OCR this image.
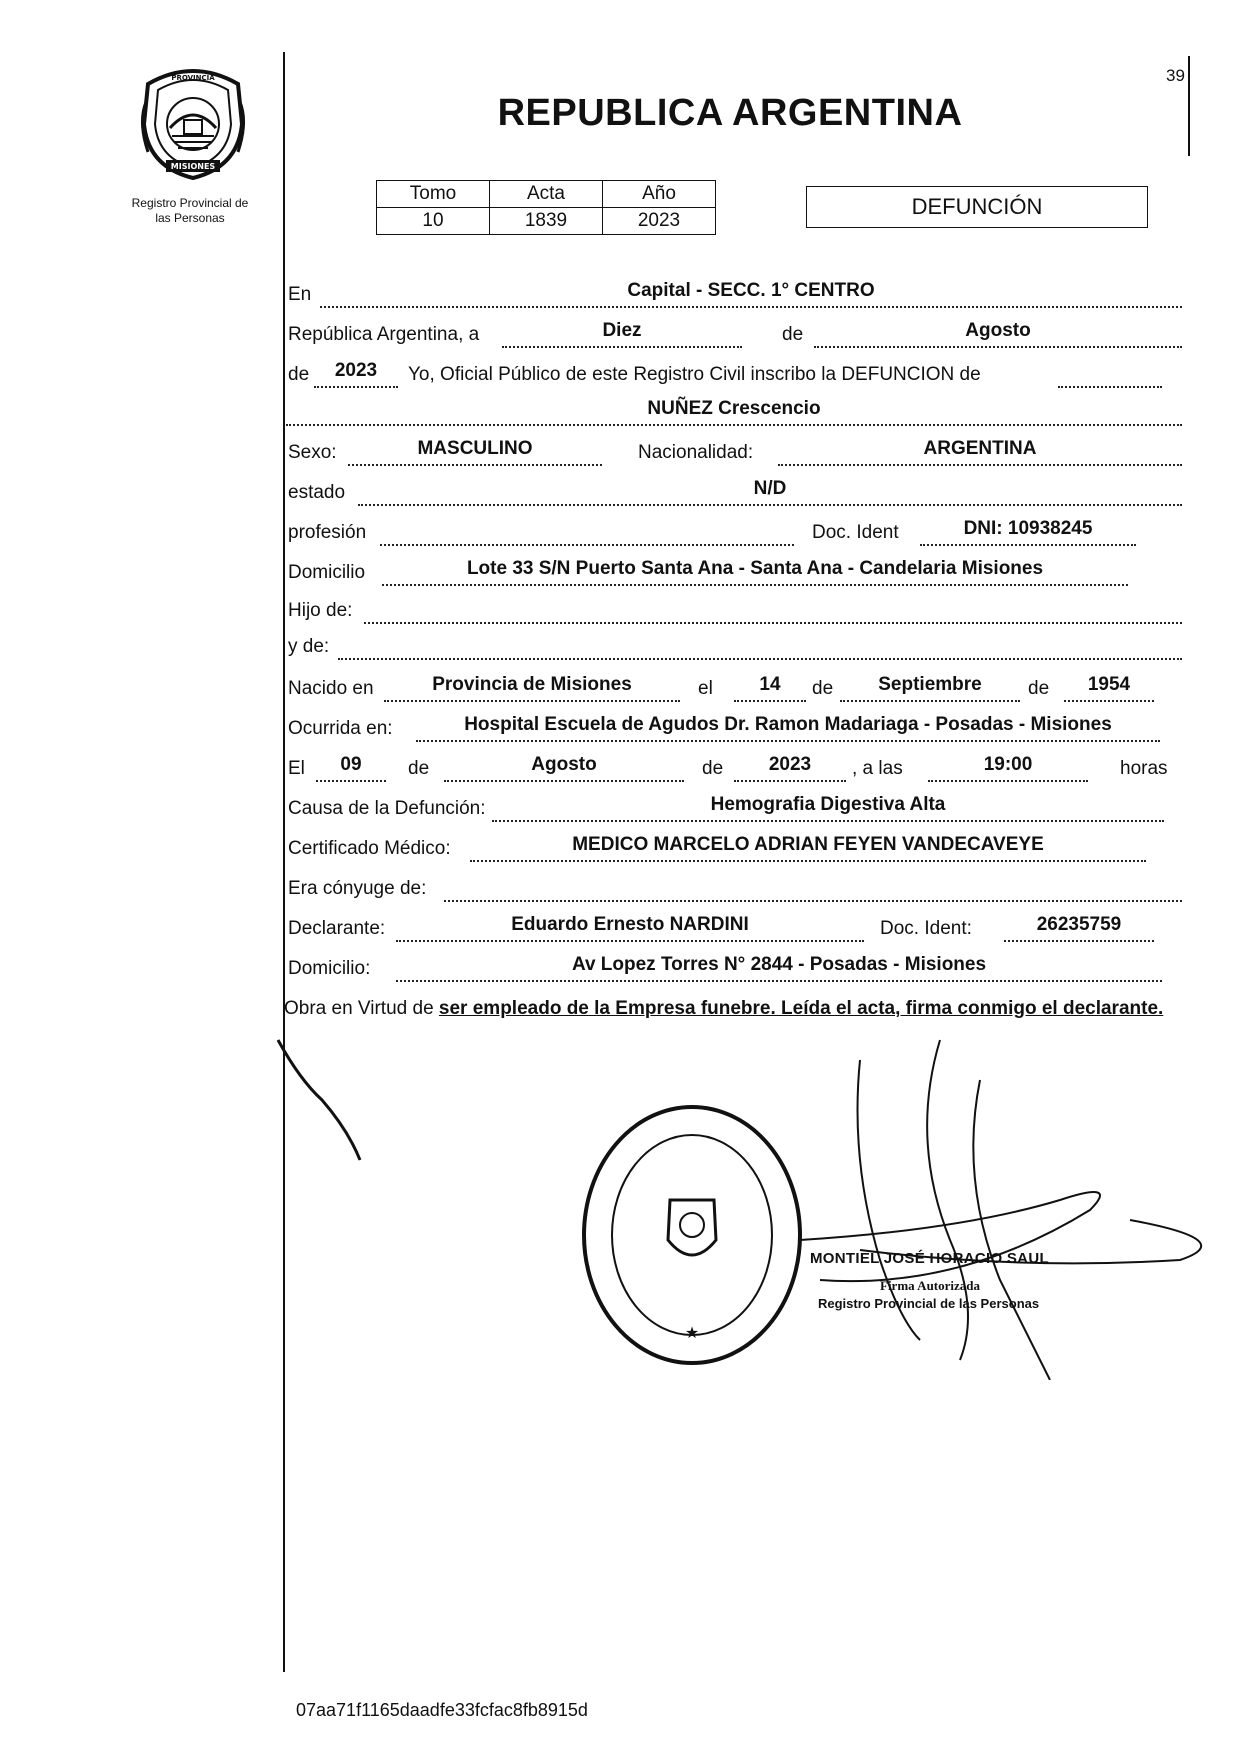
MISIONES
PROVINCIA
Registro Provincial de
las Personas
39
REPUBLICA ARGENTINA
Tomo	Acta	Año
10	1839	2023
DEFUNCIÓN
En	Capital - SECC. 1° CENTRO
República Argentina, a	Diez	de	Agosto
de	2023	Yo, Oficial Público de este Registro Civil inscribo la DEFUNCION de
NUÑEZ Crescencio
Sexo:	MASCULINO	Nacionalidad:	ARGENTINA
estado	N/D
profesión	Doc. Ident	DNI: 10938245
Domicilio	Lote 33 S/N Puerto Santa Ana - Santa Ana - Candelaria Misiones
Hijo de:
y de:
Nacido en	Provincia de Misiones	el	14	de	Septiembre	de	1954
Ocurrida en:	Hospital Escuela de Agudos Dr. Ramon Madariaga - Posadas - Misiones
El	09	de	Agosto	de	2023	, a las	19:00	horas
Causa de la Defunción:	Hemografia Digestiva Alta
Certificado Médico:	MEDICO MARCELO ADRIAN FEYEN VANDECAVEYE
Era cónyuge de:
Declarante:	Eduardo Ernesto NARDINI	Doc. Ident:	26235759
Domicilio:	Av Lopez Torres N° 2844 - Posadas - Misiones
Obra en Virtud de ser empleado de la Empresa funebre. Leída el acta, firma conmigo el declarante.
★
MONTIEL JOSÉ HORACIO SAUL
Firma Autorizada
Registro Provincial de las Personas
07aa71f1165daadfe33fcfac8fb8915d
